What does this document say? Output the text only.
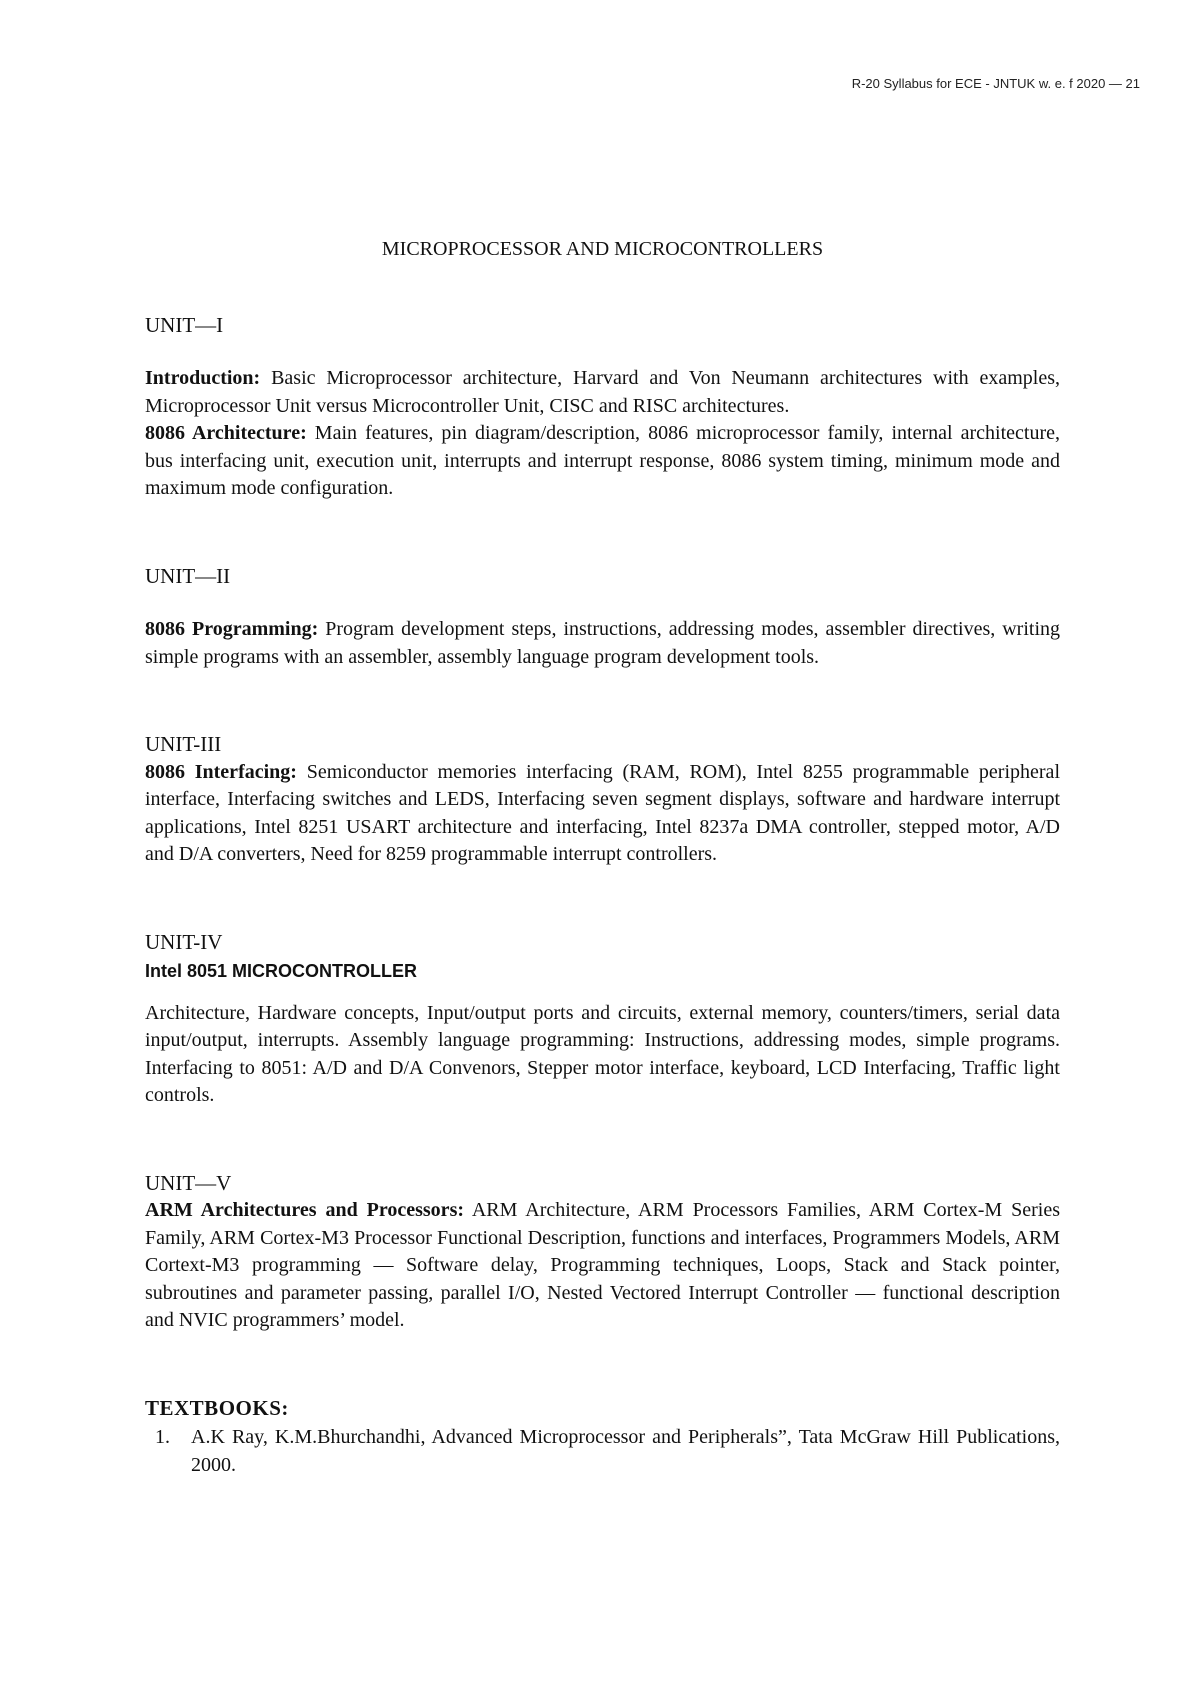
R-20 Syllabus for ECE - JNTUK w. e. f 2020 — 21
MICROPROCESSOR AND MICROCONTROLLERS
UNIT—I

Introduction: Basic Microprocessor architecture, Harvard and Von Neumann architectures with examples, Microprocessor Unit versus Microcontroller Unit, CISC and RISC architectures.

8086 Architecture: Main features, pin diagram/description, 8086 microprocessor family, internal architecture, bus interfacing unit, execution unit, interrupts and interrupt response, 8086 system timing, minimum mode and maximum mode configuration.

UNIT—II

8086 Programming: Program development steps, instructions, addressing modes, assembler directives, writing simple programs with an assembler, assembly language program development tools.

UNIT-III

8086 Interfacing: Semiconductor memories interfacing (RAM, ROM), Intel 8255 programmable peripheral interface, Interfacing switches and LEDS, Interfacing seven segment displays, software and hardware interrupt applications, Intel 8251 USART architecture and interfacing, Intel 8237a DMA controller, stepped motor, A/D and D/A converters, Need for 8259 programmable interrupt controllers.

UNIT-IV
Intel 8051 MICROCONTROLLER

Architecture, Hardware concepts, Input/output ports and circuits, external memory, counters/timers, serial data input/output, interrupts. Assembly language programming: Instructions, addressing modes, simple programs. Interfacing to 8051: A/D and D/A Convenors, Stepper motor interface, keyboard, LCD Interfacing, Traffic light controls.

UNIT—V

ARM Architectures and Processors: ARM Architecture, ARM Processors Families, ARM Cortex-M Series Family, ARM Cortex-M3 Processor Functional Description, functions and interfaces, Programmers Models, ARM Cortext-M3 programming — Software delay, Programming techniques, Loops, Stack and Stack pointer, subroutines and parameter passing, parallel I/O, Nested Vectored Interrupt Controller — functional description and NVIC programmers’ model.

TEXTBOOKS:
1.	A.K Ray, K.M.Bhurchandhi, Advanced Microprocessor and Peripherals”, Tata McGraw Hill Publications, 2000.
